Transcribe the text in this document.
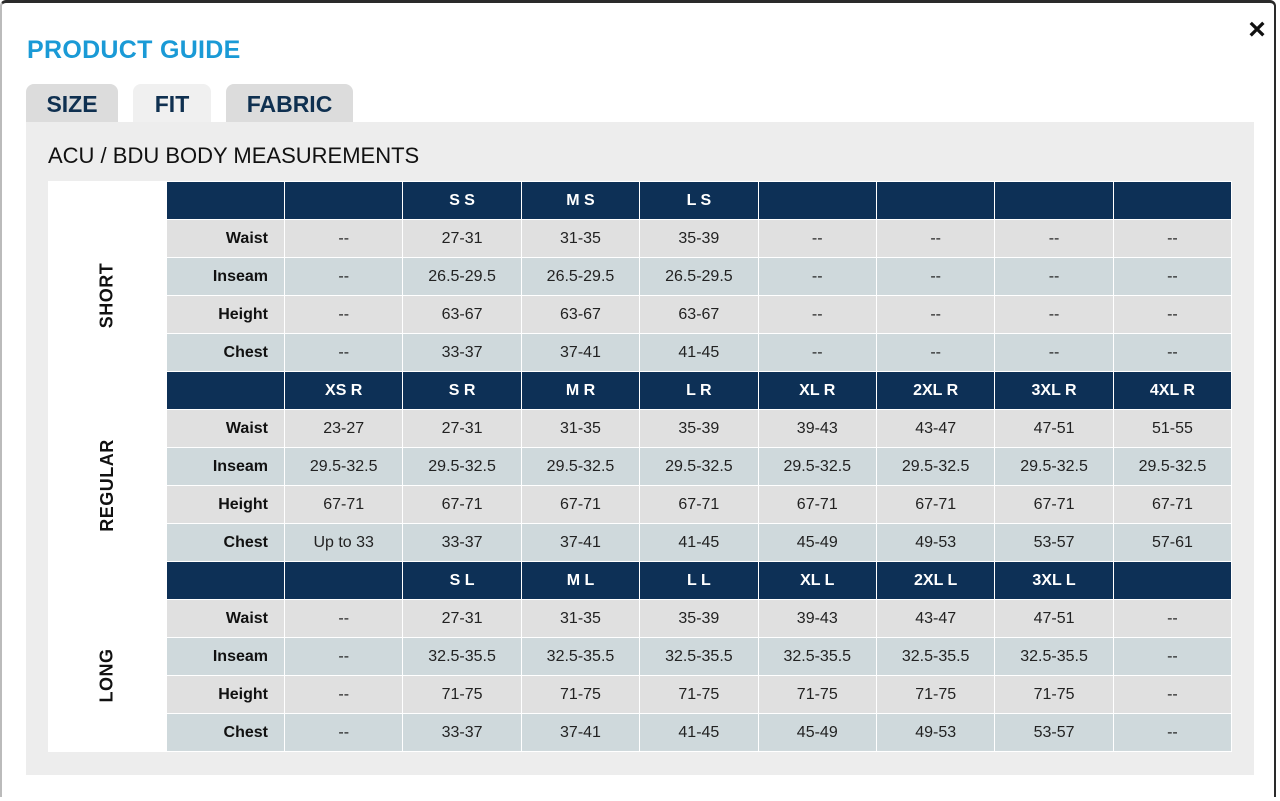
×
PRODUCT GUIDE
SIZE	FIT	FABRIC
ACU / BDU BODY MEASUREMENTS
SHORT
REGULAR
LONG
		S S	M S	L S				
Waist	--	27-31	31-35	35-39	--	--	--	--
Inseam	--	26.5-29.5	26.5-29.5	26.5-29.5	--	--	--	--
Height	--	63-67	63-67	63-67	--	--	--	--
Chest	--	33-37	37-41	41-45	--	--	--	--
	XS R	S R	M R	L R	XL R	2XL R	3XL R	4XL R
Waist	23-27	27-31	31-35	35-39	39-43	43-47	47-51	51-55
Inseam	29.5-32.5	29.5-32.5	29.5-32.5	29.5-32.5	29.5-32.5	29.5-32.5	29.5-32.5	29.5-32.5
Height	67-71	67-71	67-71	67-71	67-71	67-71	67-71	67-71
Chest	Up to 33	33-37	37-41	41-45	45-49	49-53	53-57	57-61
		S L	M L	L L	XL L	2XL L	3XL L	
Waist	--	27-31	31-35	35-39	39-43	43-47	47-51	--
Inseam	--	32.5-35.5	32.5-35.5	32.5-35.5	32.5-35.5	32.5-35.5	32.5-35.5	--
Height	--	71-75	71-75	71-75	71-75	71-75	71-75	--
Chest	--	33-37	37-41	41-45	45-49	49-53	53-57	--
